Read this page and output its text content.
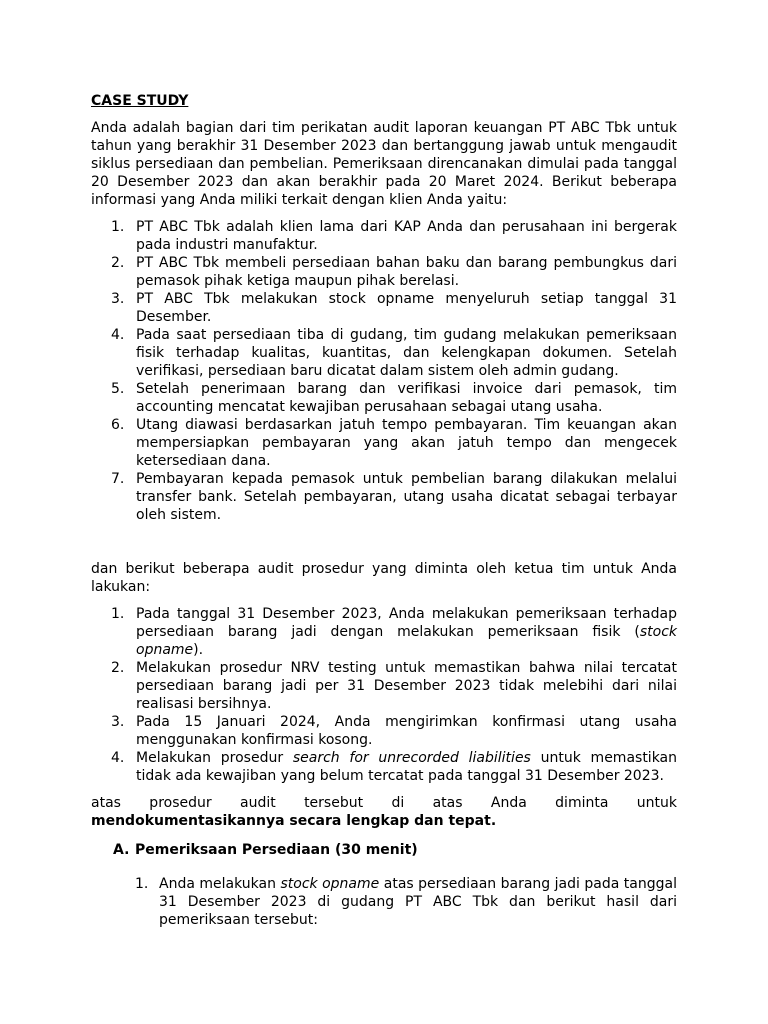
CASE STUDY

Anda adalah bagian dari tim perikatan audit laporan keuangan PT ABC Tbk untuk tahun yang berakhir 31 Desember 2023 dan bertanggung jawab untuk mengaudit siklus persediaan dan pembelian. Pemeriksaan direncanakan dimulai pada tanggal 20 Desember 2023 dan akan berakhir pada 20 Maret 2024. Berikut beberapa informasi yang Anda miliki terkait dengan klien Anda yaitu:

1. PT ABC Tbk adalah klien lama dari KAP Anda dan perusahaan ini bergerak pada industri manufaktur.
2. PT ABC Tbk membeli persediaan bahan baku dan barang pembungkus dari pemasok pihak ketiga maupun pihak berelasi.
3. PT ABC Tbk melakukan stock opname menyeluruh setiap tanggal 31 Desember.
4. Pada saat persediaan tiba di gudang, tim gudang melakukan pemeriksaan fisik terhadap kualitas, kuantitas, dan kelengkapan dokumen. Setelah verifikasi, persediaan baru dicatat dalam sistem oleh admin gudang.
5. Setelah penerimaan barang dan verifikasi invoice dari pemasok, tim accounting mencatat kewajiban perusahaan sebagai utang usaha.
6. Utang diawasi berdasarkan jatuh tempo pembayaran. Tim keuangan akan mempersiapkan pembayaran yang akan jatuh tempo dan mengecek ketersediaan dana.
7. Pembayaran kepada pemasok untuk pembelian barang dilakukan melalui transfer bank. Setelah pembayaran, utang usaha dicatat sebagai terbayar oleh sistem.

dan berikut beberapa audit prosedur yang diminta oleh ketua tim untuk Anda lakukan:

1. Pada tanggal 31 Desember 2023, Anda melakukan pemeriksaan terhadap persediaan barang jadi dengan melakukan pemeriksaan fisik (stock opname).
2. Melakukan prosedur NRV testing untuk memastikan bahwa nilai tercatat persediaan barang jadi per 31 Desember 2023 tidak melebihi dari nilai realisasi bersihnya.
3. Pada 15 Januari 2024, Anda mengirimkan konfirmasi utang usaha menggunakan konfirmasi kosong.
4. Melakukan prosedur search for unrecorded liabilities untuk memastikan tidak ada kewajiban yang belum tercatat pada tanggal 31 Desember 2023.

atas prosedur audit tersebut di atas Anda diminta untuk mendokumentasikannya secara lengkap dan tepat.

A. Pemeriksaan Persediaan (30 menit)
1. Anda melakukan stock opname atas persediaan barang jadi pada tanggal 31 Desember 2023 di gudang PT ABC Tbk dan berikut hasil dari pemeriksaan tersebut:
